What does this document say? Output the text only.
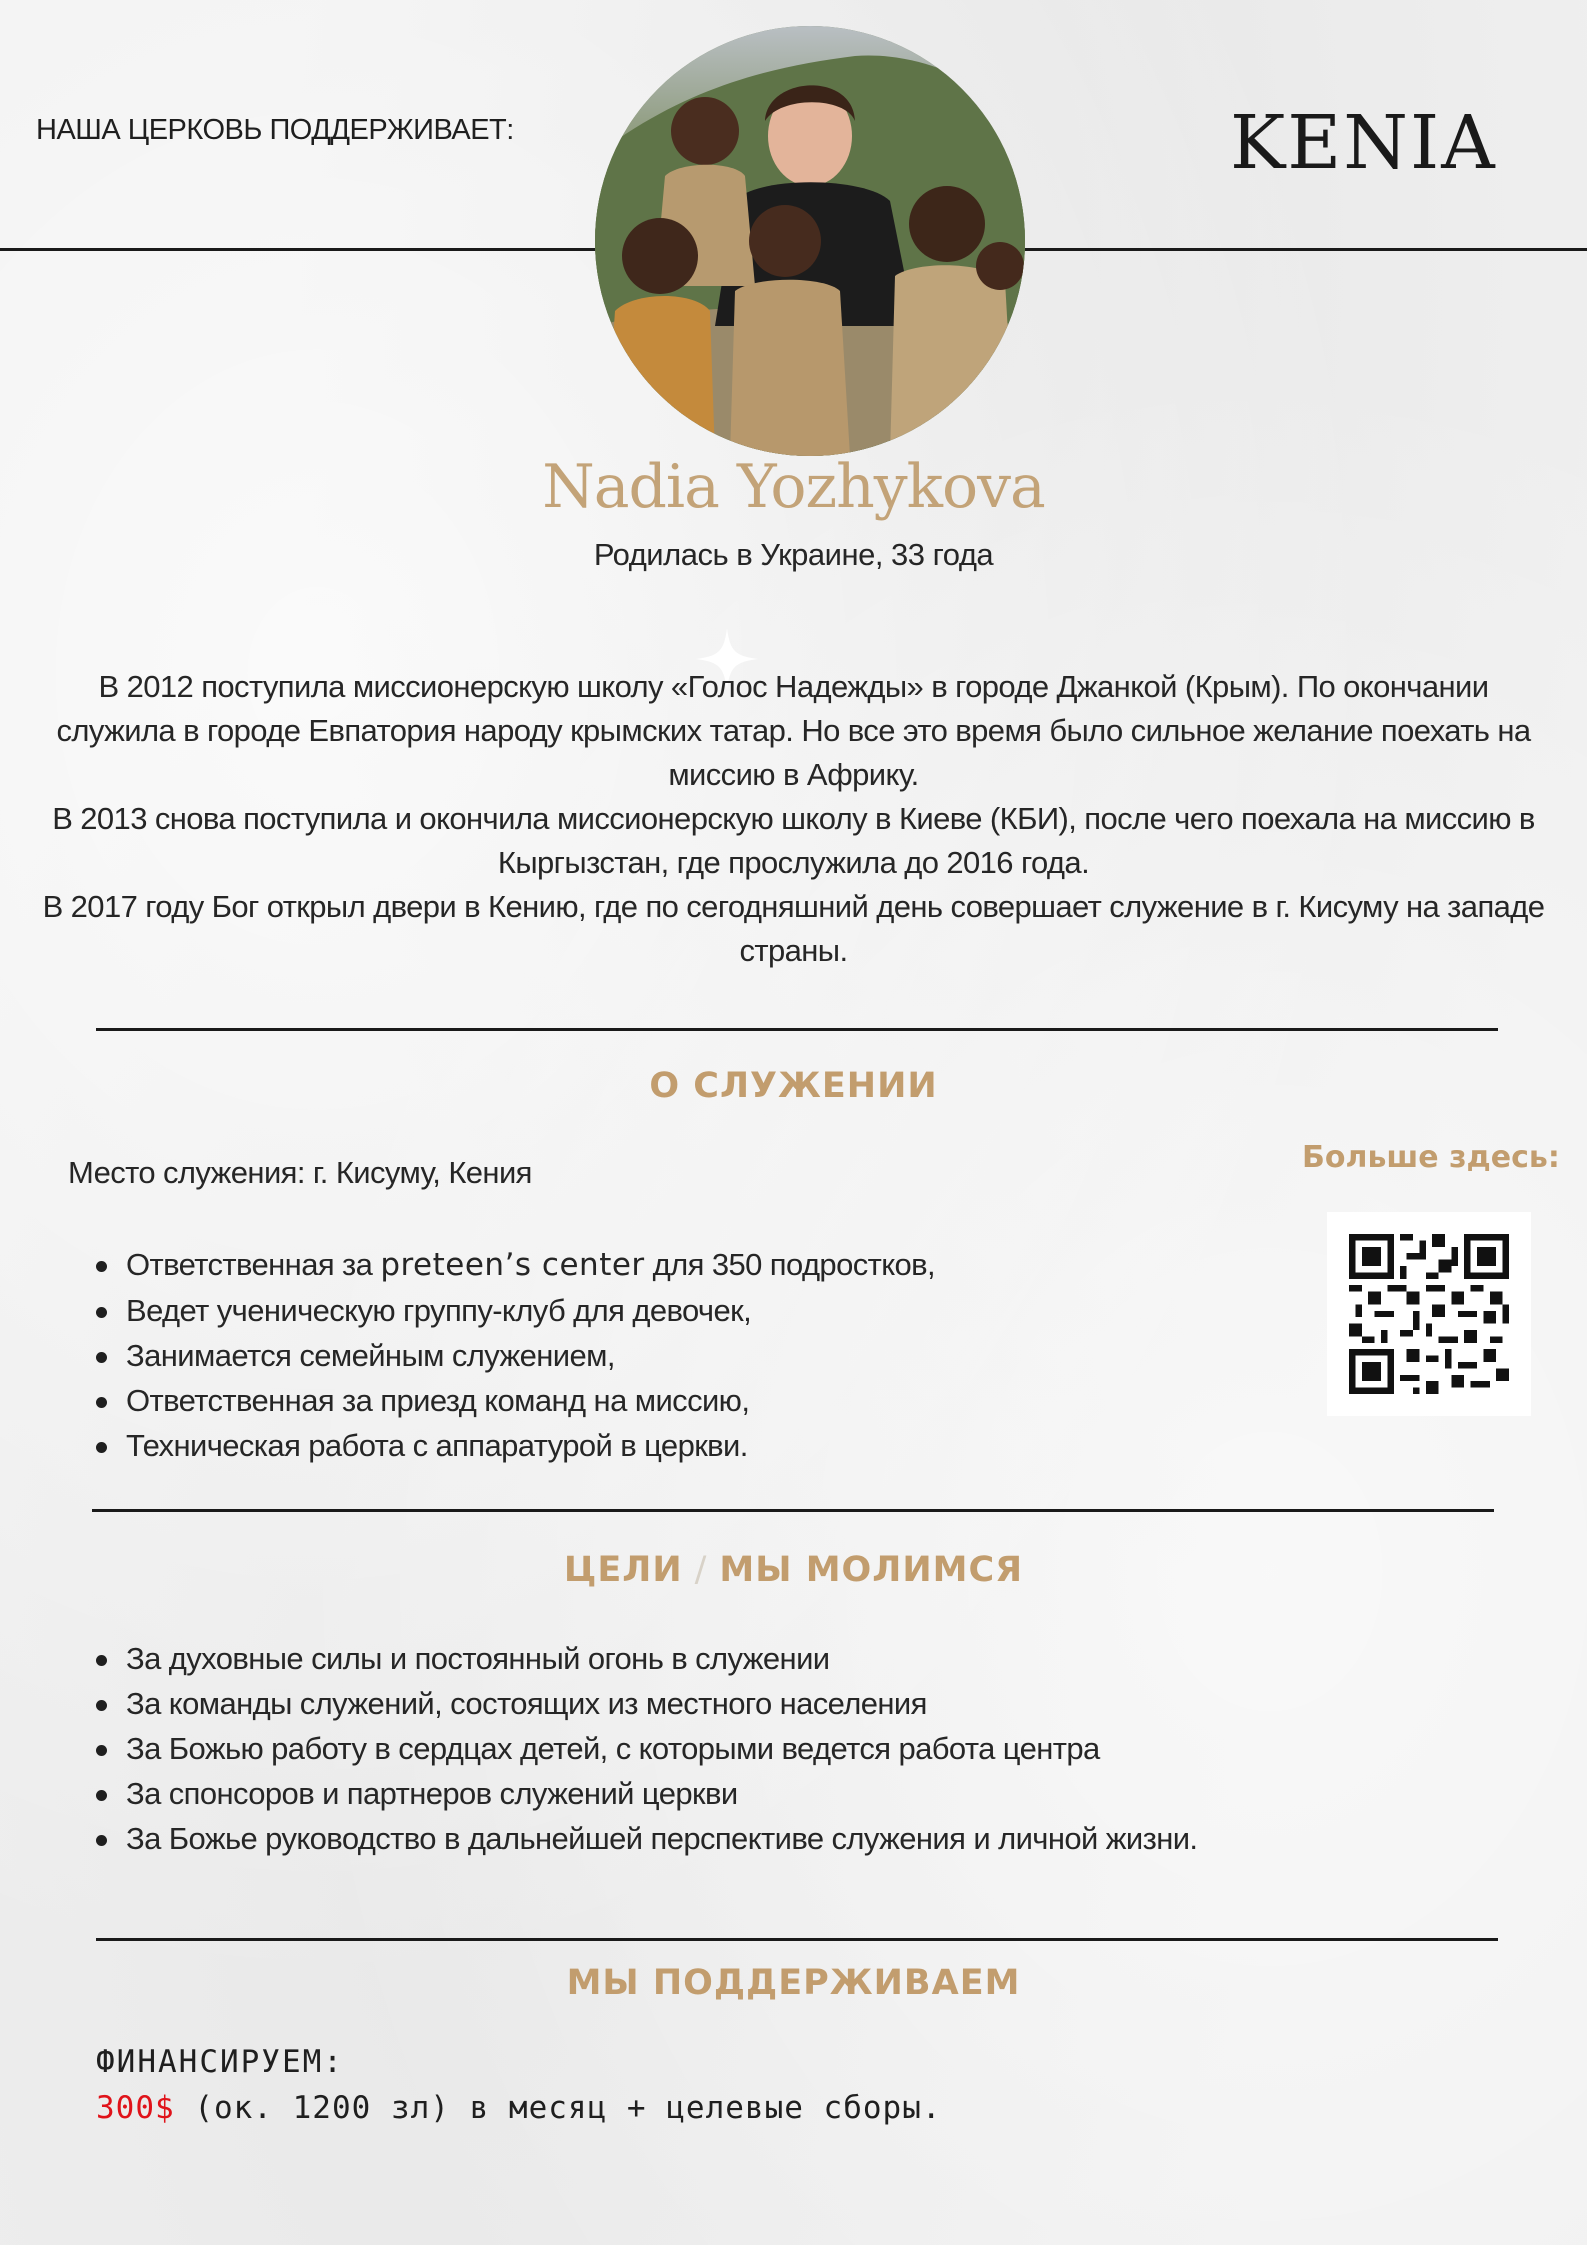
НАША ЦЕРКОВЬ ПОДДЕРЖИВАЕТ:	KENIA
Nadia Yozhykova
Родилась в Украине, 33 года

В 2012 поступила миссионерскую школу «Голос Надежды» в городе Джанкой (Крым). По окончании служила в городе Евпатория народу крымских татар. Но все это время было сильное желание поехать на миссию в Африку.

В 2013 снова поступила и окончила миссионерскую школу в Киеве (КБИ), после чего поехала на миссию в Кыргызстан, где прослужила до 2016 года.

В 2017 году Бог открыл двери в Кению, где по сегодняшний день совершает служение в г. Кисуму на западе страны.

О СЛУЖЕНИИ
Место служения: г. Кисуму, Кения	Больше здесь:
Ответственная за preteen’s center для 350 подростков,
Ведет ученическую группу-клуб для девочек,
Занимается семейным служением,
Ответственная за приезд команд на миссию,
Техническая работа с аппаратурой в церкви.
ЦЕЛИ / МЫ МОЛИМСЯ
За духовные силы и постоянный огонь в служении
За команды служений, состоящих из местного населения
За Божью работу в сердцах детей, с которыми ведется работа центра
За спонсоров и партнеров служений церкви
За Божье руководство в дальнейшей перспективе служения и личной жизни.
МЫ ПОДДЕРЖИВАЕМ
ФИНАНСИРУЕМ:
300$ (ок. 1200 зл) в месяц + целевые сборы.
